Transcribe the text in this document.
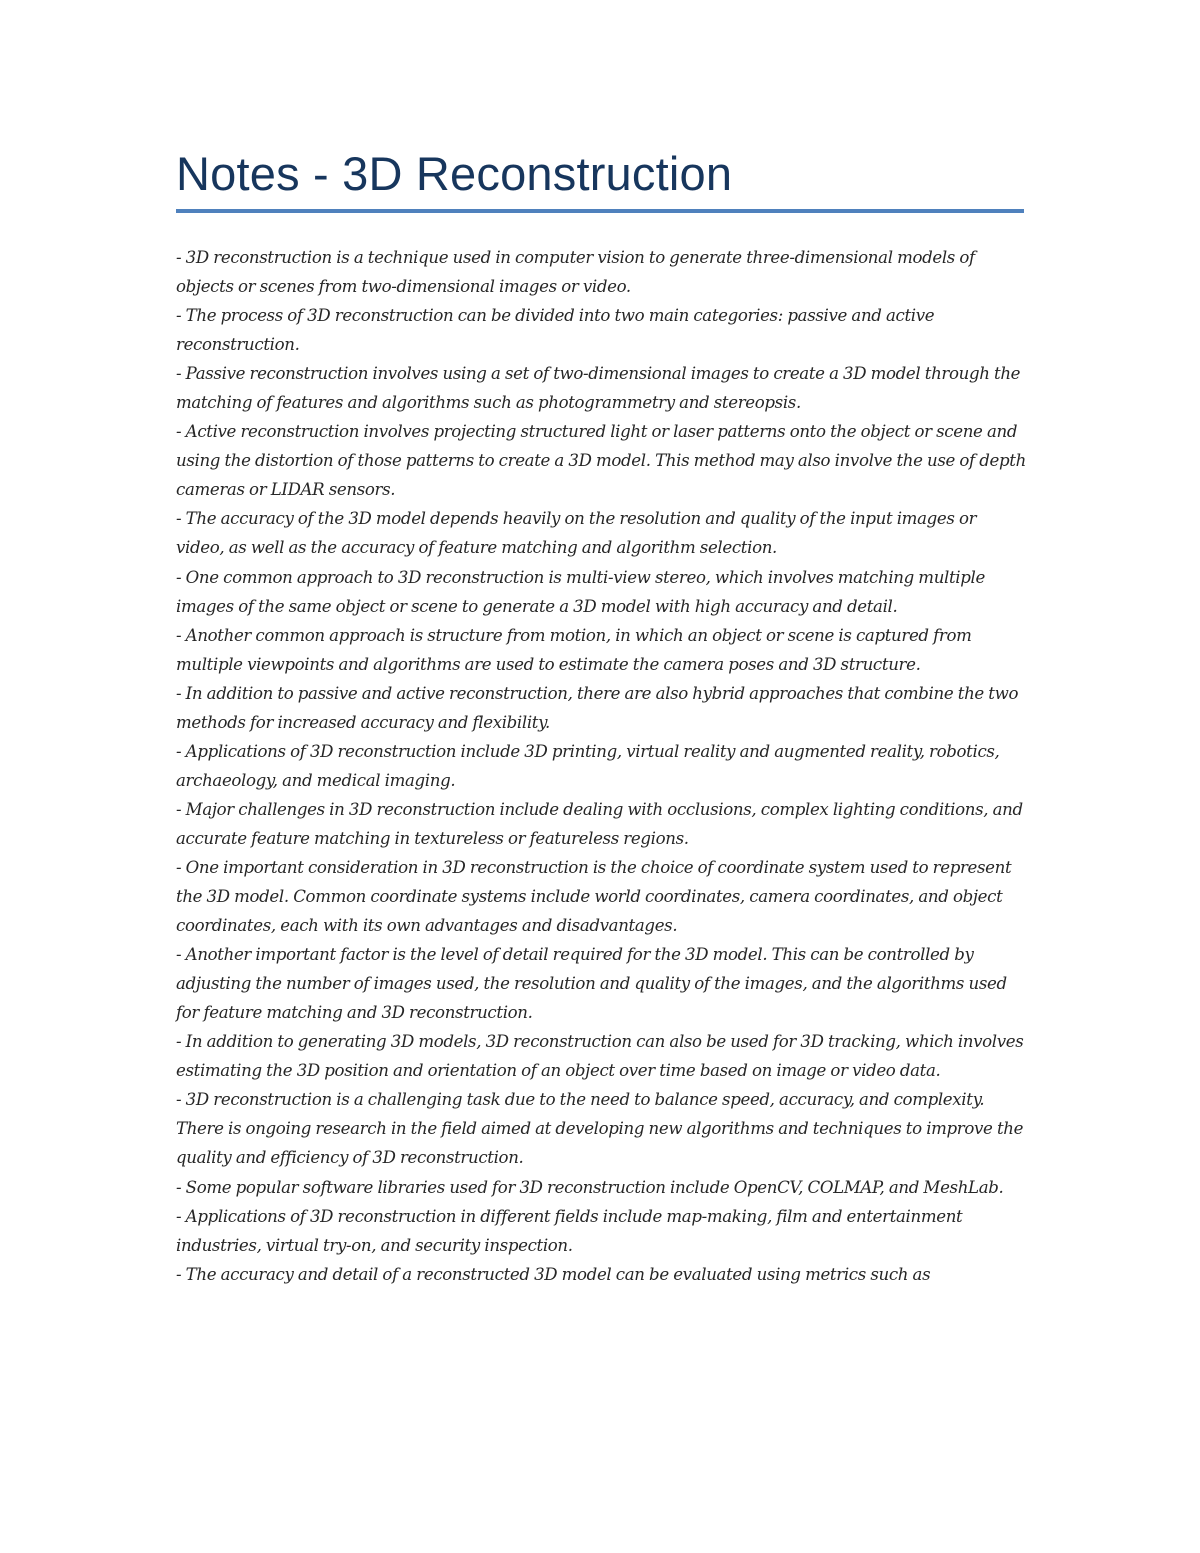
Notes - 3D Reconstruction
- 3D reconstruction is a technique used in computer vision to generate three-dimensional models of objects or scenes from two-dimensional images or video.
- The process of 3D reconstruction can be divided into two main categories: passive and active reconstruction.
- Passive reconstruction involves using a set of two-dimensional images to create a 3D model through the matching of features and algorithms such as photogrammetry and stereopsis.
- Active reconstruction involves projecting structured light or laser patterns onto the object or scene and using the distortion of those patterns to create a 3D model. This method may also involve the use of depth cameras or LIDAR sensors.
- The accuracy of the 3D model depends heavily on the resolution and quality of the input images or video, as well as the accuracy of feature matching and algorithm selection.
- One common approach to 3D reconstruction is multi-view stereo, which involves matching multiple images of the same object or scene to generate a 3D model with high accuracy and detail.
- Another common approach is structure from motion, in which an object or scene is captured from multiple viewpoints and algorithms are used to estimate the camera poses and 3D structure.
- In addition to passive and active reconstruction, there are also hybrid approaches that combine the two methods for increased accuracy and flexibility.
- Applications of 3D reconstruction include 3D printing, virtual reality and augmented reality, robotics, archaeology, and medical imaging.
- Major challenges in 3D reconstruction include dealing with occlusions, complex lighting conditions, and accurate feature matching in textureless or featureless regions.
- One important consideration in 3D reconstruction is the choice of coordinate system used to represent the 3D model. Common coordinate systems include world coordinates, camera coordinates, and object coordinates, each with its own advantages and disadvantages.
- Another important factor is the level of detail required for the 3D model. This can be controlled by adjusting the number of images used, the resolution and quality of the images, and the algorithms used for feature matching and 3D reconstruction.
- In addition to generating 3D models, 3D reconstruction can also be used for 3D tracking, which involves estimating the 3D position and orientation of an object over time based on image or video data.
- 3D reconstruction is a challenging task due to the need to balance speed, accuracy, and complexity. There is ongoing research in the field aimed at developing new algorithms and techniques to improve the quality and efficiency of 3D reconstruction.
- Some popular software libraries used for 3D reconstruction include OpenCV, COLMAP, and MeshLab.
- Applications of 3D reconstruction in different fields include map-making, film and entertainment industries, virtual try-on, and security inspection.
- The accuracy and detail of a reconstructed 3D model can be evaluated using metrics such as
